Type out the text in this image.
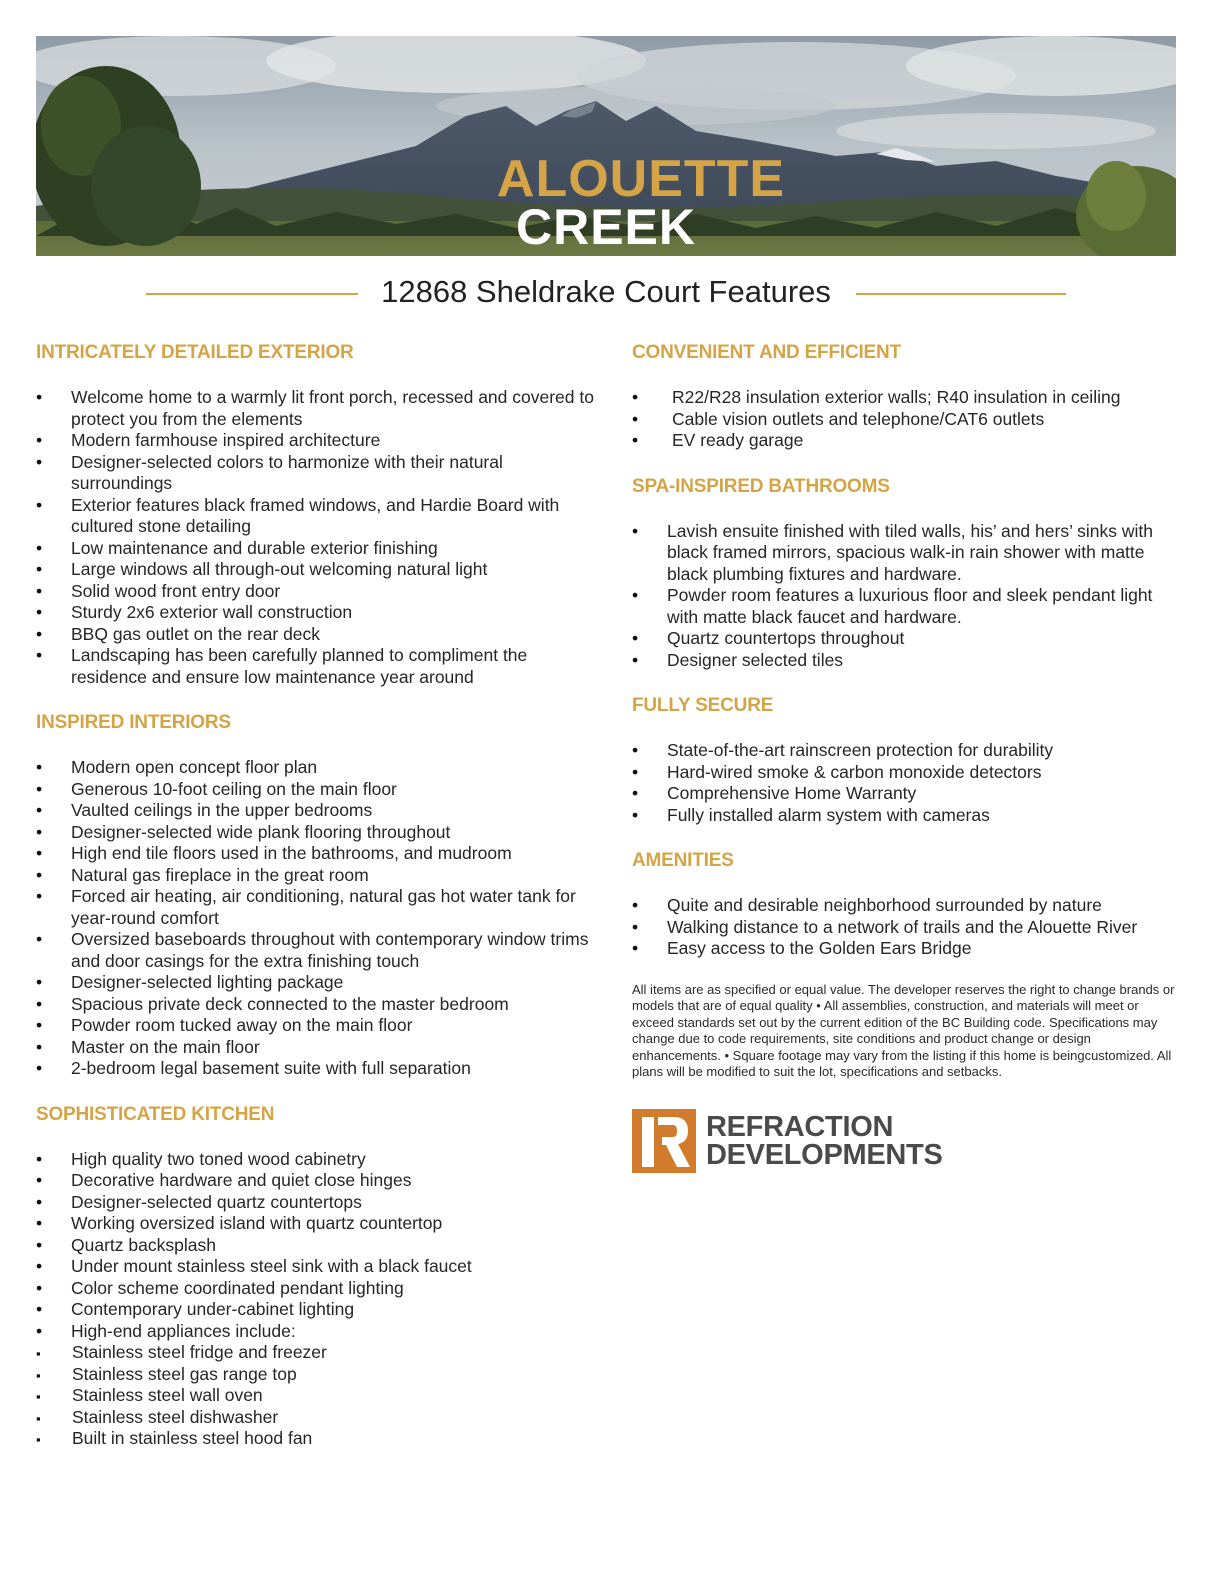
ALOUETTE
CREEK
12868 Sheldrake Court Features
INTRICATELY DETAILED EXTERIOR
• Welcome home to a warmly lit front porch, recessed and covered to protect you from the elements
• Modern farmhouse inspired architecture
• Designer-selected colors to harmonize with their natural surroundings
• Exterior features black framed windows, and Hardie Board with cultured stone detailing
• Low maintenance and durable exterior finishing
• Large windows all through-out welcoming natural light
• Solid wood front entry door
• Sturdy 2x6 exterior wall construction
• BBQ gas outlet on the rear deck
• Landscaping has been carefully planned to compliment the residence and ensure low maintenance year around
INSPIRED INTERIORS
• Modern open concept floor plan
• Generous 10-foot ceiling on the main floor
• Vaulted ceilings in the upper bedrooms
• Designer-selected wide plank flooring throughout
• High end tile floors used in the bathrooms, and mudroom
• Natural gas fireplace in the great room
• Forced air heating, air conditioning, natural gas hot water tank for year-round comfort
• Oversized baseboards throughout with contemporary window trims and door casings for the extra finishing touch
• Designer-selected lighting package
• Spacious private deck connected to the master bedroom
• Powder room tucked away on the main floor
• Master on the main floor
• 2-bedroom legal basement suite with full separation
SOPHISTICATED KITCHEN
• High quality two toned wood cabinetry
• Decorative hardware and quiet close hinges
• Designer-selected quartz countertops
• Working oversized island with quartz countertop
• Quartz backsplash
• Under mount stainless steel sink with a black faucet
• Color scheme coordinated pendant lighting
• Contemporary under-cabinet lighting
• High-end appliances include:
▪ Stainless steel fridge and freezer
▪ Stainless steel gas range top
▪ Stainless steel wall oven
▪ Stainless steel dishwasher
▪ Built in stainless steel hood fan
CONVENIENT AND EFFICIENT
• R22/R28 insulation exterior walls; R40 insulation in ceiling
• Cable vision outlets and telephone/CAT6 outlets
• EV ready garage
SPA-INSPIRED BATHROOMS
• Lavish ensuite finished with tiled walls, his’ and hers’ sinks with black framed mirrors, spacious walk-in rain shower with matte black plumbing fixtures and hardware.
• Powder room features a luxurious floor and sleek pendant light with matte black faucet and hardware.
• Quartz countertops throughout
• Designer selected tiles
FULLY SECURE
• State-of-the-art rainscreen protection for durability
• Hard-wired smoke & carbon monoxide detectors
• Comprehensive Home Warranty
• Fully installed alarm system with cameras
AMENITIES
• Quite and desirable neighborhood surrounded by nature
• Walking distance to a network of trails and the Alouette River
• Easy access to the Golden Ears Bridge

All items are as specified or equal value. The developer reserves the right to change brands or models that are of equal quality • All assemblies, construction, and materials will meet or exceed standards set out by the current edition of the BC Building code. Specifications may change due to code requirements, site conditions and product change or design enhancements. • Square footage may vary from the listing if this home is beingcustomized. All plans will be modified to suit the lot, specifications and setbacks.

REFRACTION
DEVELOPMENTS
